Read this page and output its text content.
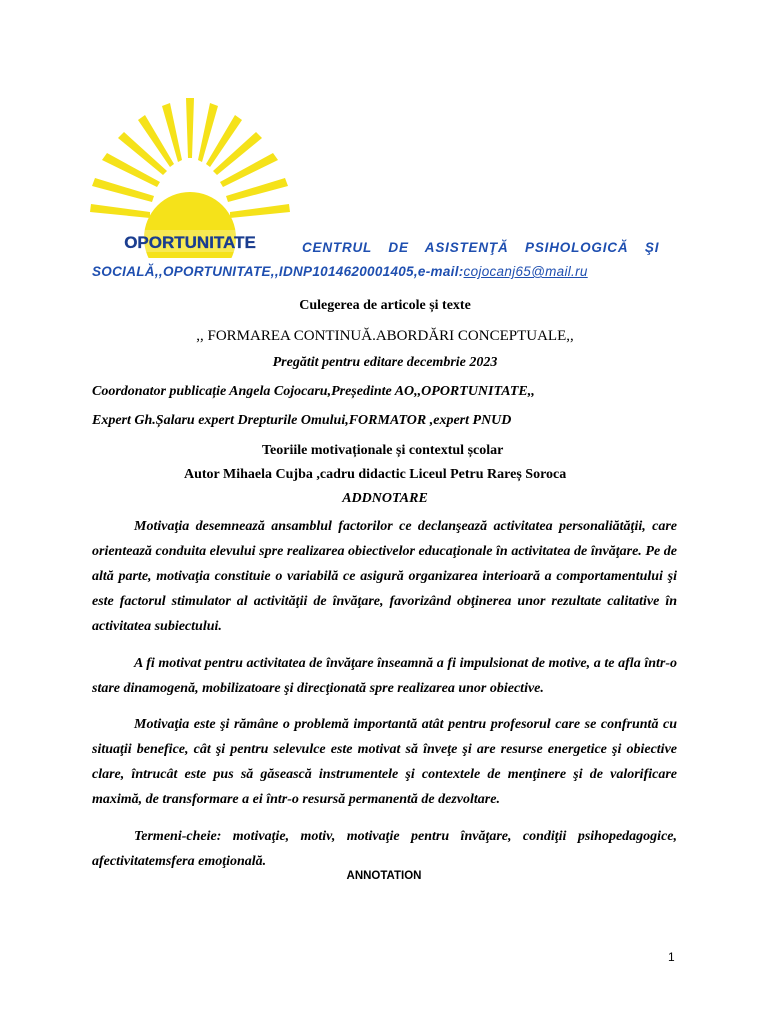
OPORTUNITATE	CENTRUL DE ASISTENŢĂ PSIHOLOGICĂ ŞI
SOCIALĂ,,OPORTUNITATE,,IDNP1014620001405,e-mail:cojocanj65@mail.ru
Culegerea de articole și texte
,, FORMAREA CONTINUĂ.ABORDĂRI CONCEPTUALE,,
Pregătit pentru editare decembrie 2023
Coordonator publicație Angela Cojocaru,Președinte AO,,OPORTUNITATE,,
Expert Gh.Șalaru expert Drepturile Omului,FORMATOR ,expert PNUD
Teoriile motivaționale și contextul școlar
Autor Mihaela Cujba ,cadru didactic Liceul Petru Rareș Soroca
ADDNOTARE

Motivaţia desemnează ansamblul factorilor ce declanşează activitatea personaliătăţii, care orientează conduita elevului spre realizarea obiectivelor educaţionale în activitatea de învăţare. Pe de altă parte, motivaţia constituie o variabilă ce asigură organizarea interioară a comportamentului şi este factorul stimulator al activităţii de învăţare, favorizând obţinerea unor rezultate calitative în activitatea subiectului.

A fi motivat pentru activitatea de învăţare înseamnă a fi impulsionat de motive, a te afla într-o stare dinamogenă, mobilizatoare şi direcţionată spre realizarea unor obiective.

Motivaţia este şi rămâne o problemă importantă atât pentru profesorul care se confruntă cu situaţii benefice, cât şi pentru selevulce este motivat să înveţe şi are resurse energetice şi obiective clare, întrucât este pus să găsească instrumentele şi contextele de menţinere şi de valorificare maximă, de transformare a ei într-o resursă permanentă de dezvoltare.

Termeni-cheie: motivaţie, motiv, motivaţie pentru învăţare, condiţii psihopedagogice, afectivitatemsfera emoţională.

ANNOTATION
1
